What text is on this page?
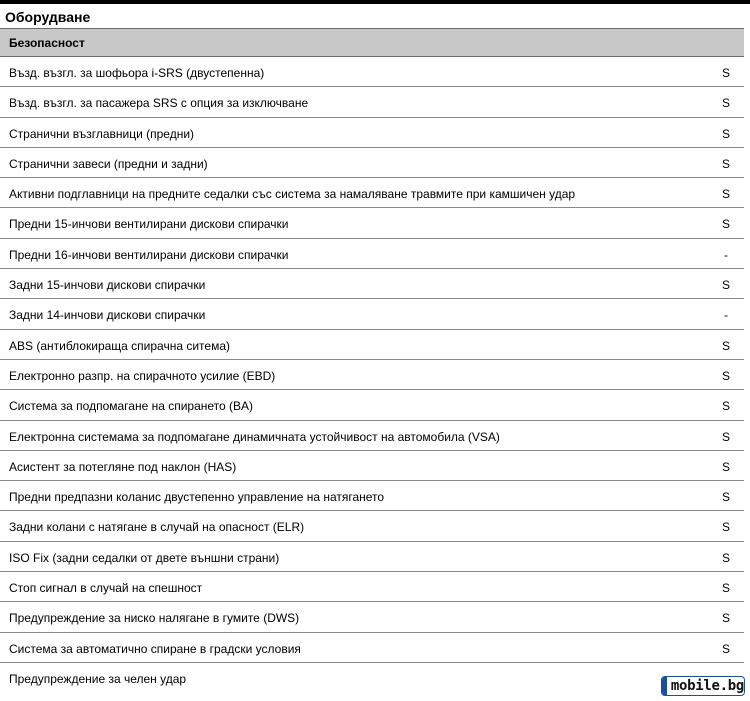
Оборудване
Безопасност
Възд. възгл. за шофьора i-SRS (двустепенна)	S
Възд. възгл. за пасажера SRS с опция за изключване	S
Странични възглавници (предни)	S
Странични завеси (предни и задни)	S
Активни подглавници на предните седалки със система за намаляване травмите при камшичен удар	S
Предни 15-инчови вентилирани дискови спирачки	S
Предни 16-инчови вентилирани дискови спирачки	-
Задни 15-инчови дискови спирачки	S
Задни 14-инчови дискови спирачки	-
ABS (антиблокираща спирачна ситема)	S
Електронно разпр. на спирачното усилие (EBD)	S
Система за подпомагане на спирането (BA)	S
Електронна системама за подпомагане динамичната устойчивост на автомобила (VSA)	S
Асистент за потегляне под наклон (HAS)	S
Предни предпазни коланис двустепенно управление на натягането	S
Задни колани с натягане в случай на опасност (ELR)	S
ISO Fix (задни седалки от двете външни страни)	S
Стоп сигнал в случай на спешност	S
Предупреждение за ниско налягане в гумите (DWS)	S
Система за автоматично спиране в градски условия	S
Предупреждение за челен удар	mobile.bg
